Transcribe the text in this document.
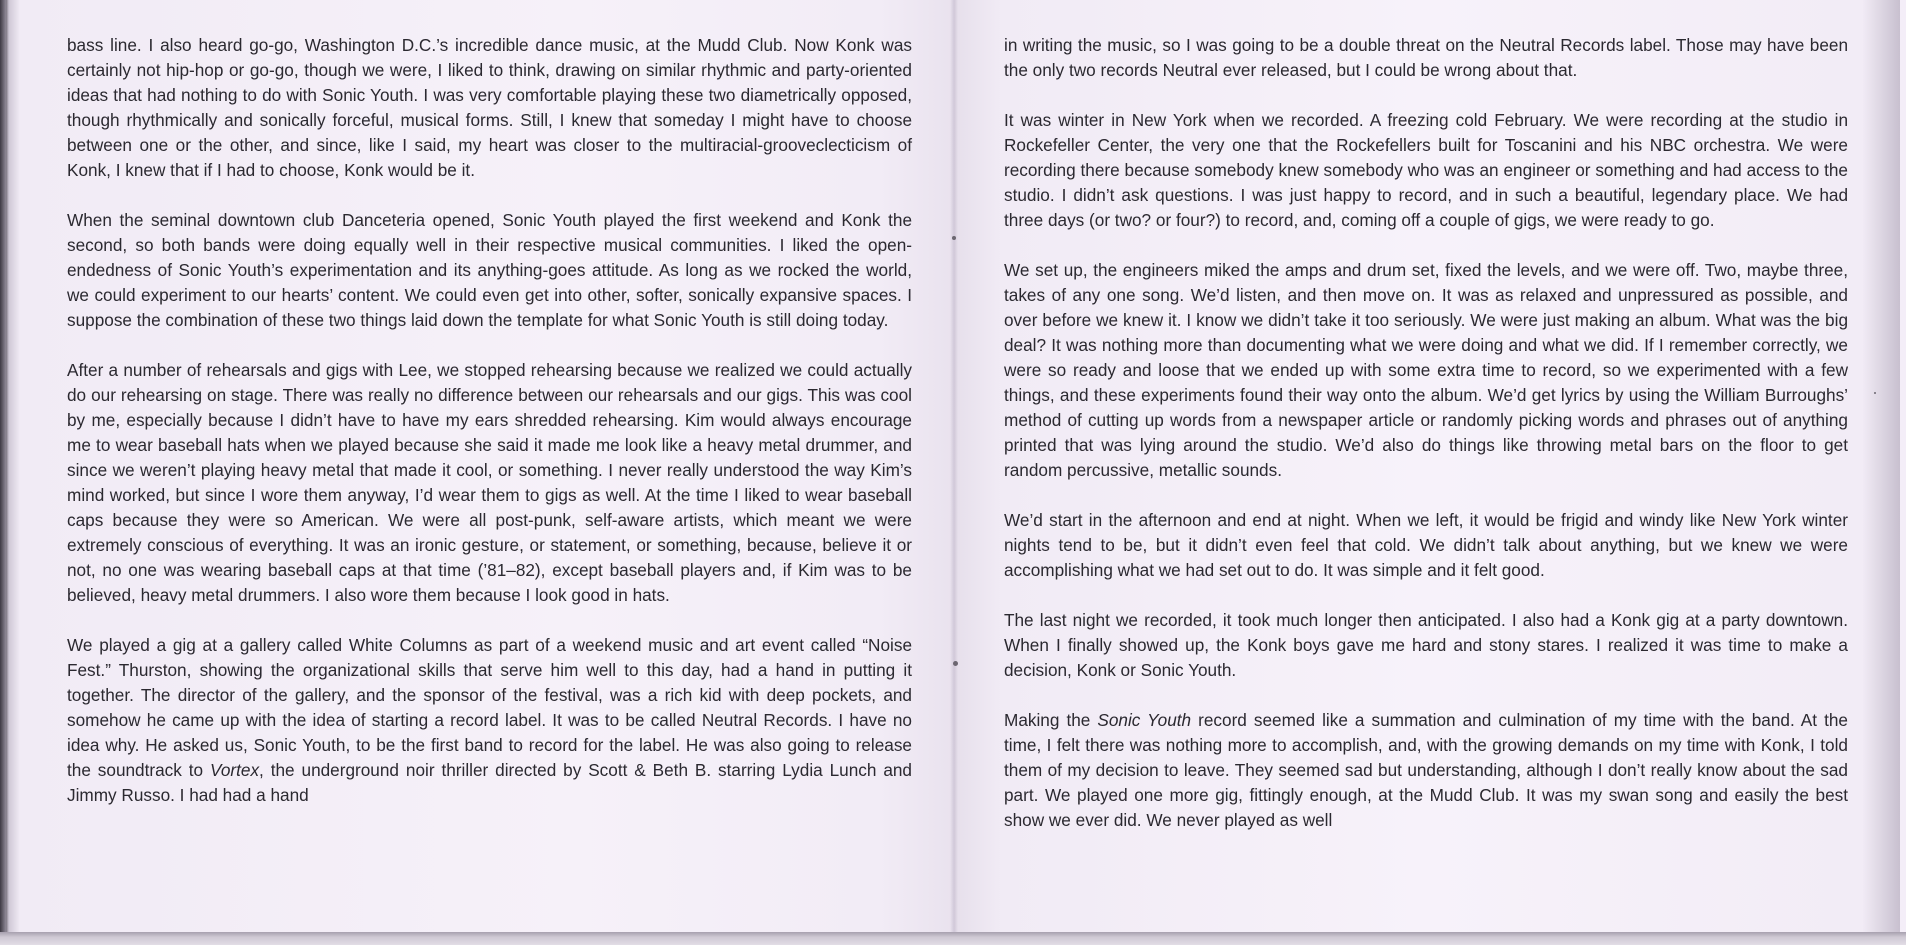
bass line. I also heard go-go, Washington D.C.’s incredible dance music, at the Mudd Club. Now Konk was certainly not hip-hop or go-go, though we were, I liked to think, drawing on similar rhythmic and party-oriented ideas that had nothing to do with Sonic Youth. I was very comfortable playing these two diametrically opposed, though rhythmically and sonically forceful, musical forms. Still, I knew that someday I might have to choose between one or the other, and since, like I said, my heart was closer to the multiracial-grooveclecticism of Konk, I knew that if I had to choose, Konk would be it.

When the seminal downtown club Danceteria opened, Sonic Youth played the first weekend and Konk the second, so both bands were doing equally well in their respective musical communities. I liked the open-endedness of Sonic Youth’s experimentation and its anything-goes attitude. As long as we rocked the world, we could experiment to our hearts’ content. We could even get into other, softer, sonically expansive spaces. I suppose the combination of these two things laid down the template for what Sonic Youth is still doing today.

After a number of rehearsals and gigs with Lee, we stopped rehearsing because we realized we could actually do our rehearsing on stage. There was really no difference between our rehearsals and our gigs. This was cool by me, especially because I didn’t have to have my ears shredded rehearsing. Kim would always encourage me to wear baseball hats when we played because she said it made me look like a heavy metal drummer, and since we weren’t playing heavy metal that made it cool, or something. I never really understood the way Kim’s mind worked, but since I wore them anyway, I’d wear them to gigs as well. At the time I liked to wear baseball caps because they were so American. We were all post-punk, self-aware artists, which meant we were extremely conscious of everything. It was an ironic gesture, or statement, or something, because, believe it or not, no one was wearing baseball caps at that time (’81–82), except baseball players and, if Kim was to be believed, heavy metal drummers. I also wore them because I look good in hats.

We played a gig at a gallery called White Columns as part of a weekend music and art event called “Noise Fest.” Thurston, showing the organizational skills that serve him well to this day, had a hand in putting it together. The director of the gallery, and the sponsor of the festival, was a rich kid with deep pockets, and somehow he came up with the idea of starting a record label. It was to be called Neutral Records. I have no idea why. He asked us, Sonic Youth, to be the first band to record for the label. He was also going to release the soundtrack to Vortex, the underground noir thriller directed by Scott & Beth B. starring Lydia Lunch and Jimmy Russo. I had had a hand

in writing the music, so I was going to be a double threat on the Neutral Records label. Those may have been the only two records Neutral ever released, but I could be wrong about that.

It was winter in New York when we recorded. A freezing cold February. We were recording at the studio in Rockefeller Center, the very one that the Rockefellers built for Toscanini and his NBC orchestra. We were recording there because somebody knew somebody who was an engineer or something and had access to the studio. I didn’t ask questions. I was just happy to record, and in such a beautiful, legendary place. We had three days (or two? or four?) to record, and, coming off a couple of gigs, we were ready to go.

We set up, the engineers miked the amps and drum set, fixed the levels, and we were off. Two, maybe three, takes of any one song. We’d listen, and then move on. It was as relaxed and unpressured as possible, and over before we knew it. I know we didn’t take it too seriously. We were just making an album. What was the big deal? It was nothing more than documenting what we were doing and what we did. If I remember correctly, we were so ready and loose that we ended up with some extra time to record, so we experimented with a few things, and these experiments found their way onto the album. We’d get lyrics by using the William Burroughs’ method of cutting up words from a newspaper article or randomly picking words and phrases out of anything printed that was lying around the studio. We’d also do things like throwing metal bars on the floor to get random percussive, metallic sounds.

We’d start in the afternoon and end at night. When we left, it would be frigid and windy like New York winter nights tend to be, but it didn’t even feel that cold. We didn’t talk about anything, but we knew we were accomplishing what we had set out to do. It was simple and it felt good.

The last night we recorded, it took much longer then anticipated. I also had a Konk gig at a party downtown. When I finally showed up, the Konk boys gave me hard and stony stares. I realized it was time to make a decision, Konk or Sonic Youth.

Making the Sonic Youth record seemed like a summation and culmination of my time with the band. At the time, I felt there was nothing more to accomplish, and, with the growing demands on my time with Konk, I told them of my decision to leave. They seemed sad but understanding, although I don’t really know about the sad part. We played one more gig, fittingly enough, at the Mudd Club. It was my swan song and easily the best show we ever did. We never played as well
